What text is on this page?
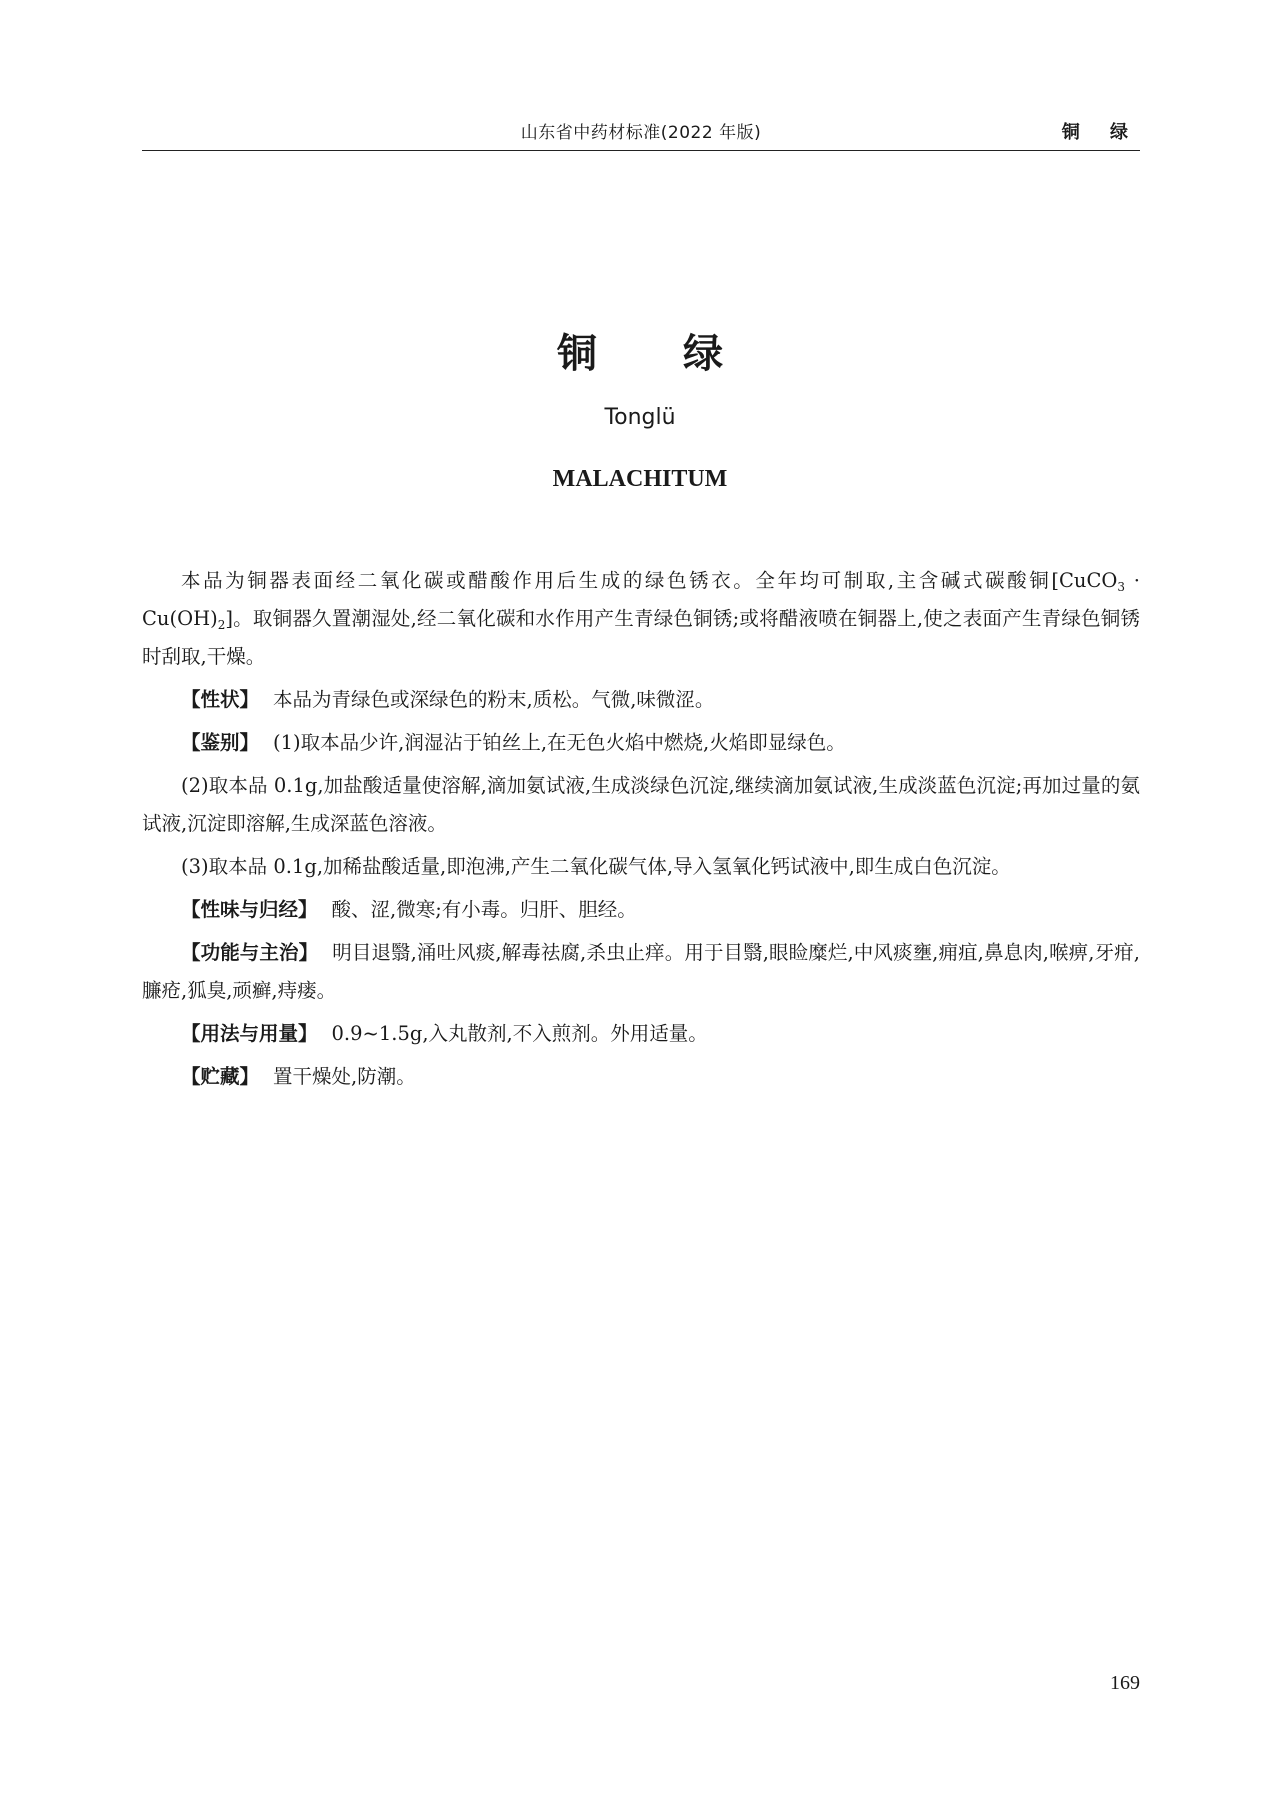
山东省中药材标准(2022 年版)	铜 绿
铜 绿
Tonglü
MALACHITUM

本品为铜器表面经二氧化碳或醋酸作用后生成的绿色锈衣。全年均可制取,主含碱式碳酸铜[CuCO$_3$ · $Cu(OH)_2$]。取铜器久置潮湿处,经二氧化碳和水作用产生青绿色铜锈;或将醋液喷在铜器上,使之表面产生青绿色铜锈时刮取,干燥。

【性状】 本品为青绿色或深绿色的粉末,质松。气微,味微涩。

【鉴别】 (1)取本品少许,润湿沾于铂丝上,在无色火焰中燃烧,火焰即显绿色。

(2)取本品 0.1g,加盐酸适量使溶解,滴加氨试液,生成淡绿色沉淀,继续滴加氨试液,生成淡蓝色沉淀;再加过量的氨试液,沉淀即溶解,生成深蓝色溶液。

(3)取本品 0.1g,加稀盐酸适量,即泡沸,产生二氧化碳气体,导入氢氧化钙试液中,即生成白色沉淀。

【性味与归经】 酸、涩,微寒;有小毒。归肝、胆经。

【功能与主治】 明目退翳,涌吐风痰,解毒祛腐,杀虫止痒。用于目翳,眼睑糜烂,中风痰壅,痈疽,鼻息肉,喉痹,牙疳,臁疮,狐臭,顽癣,痔瘘。

【用法与用量】 0.9~1.5g,入丸散剂,不入煎剂。外用适量。

【贮藏】 置干燥处,防潮。

169
